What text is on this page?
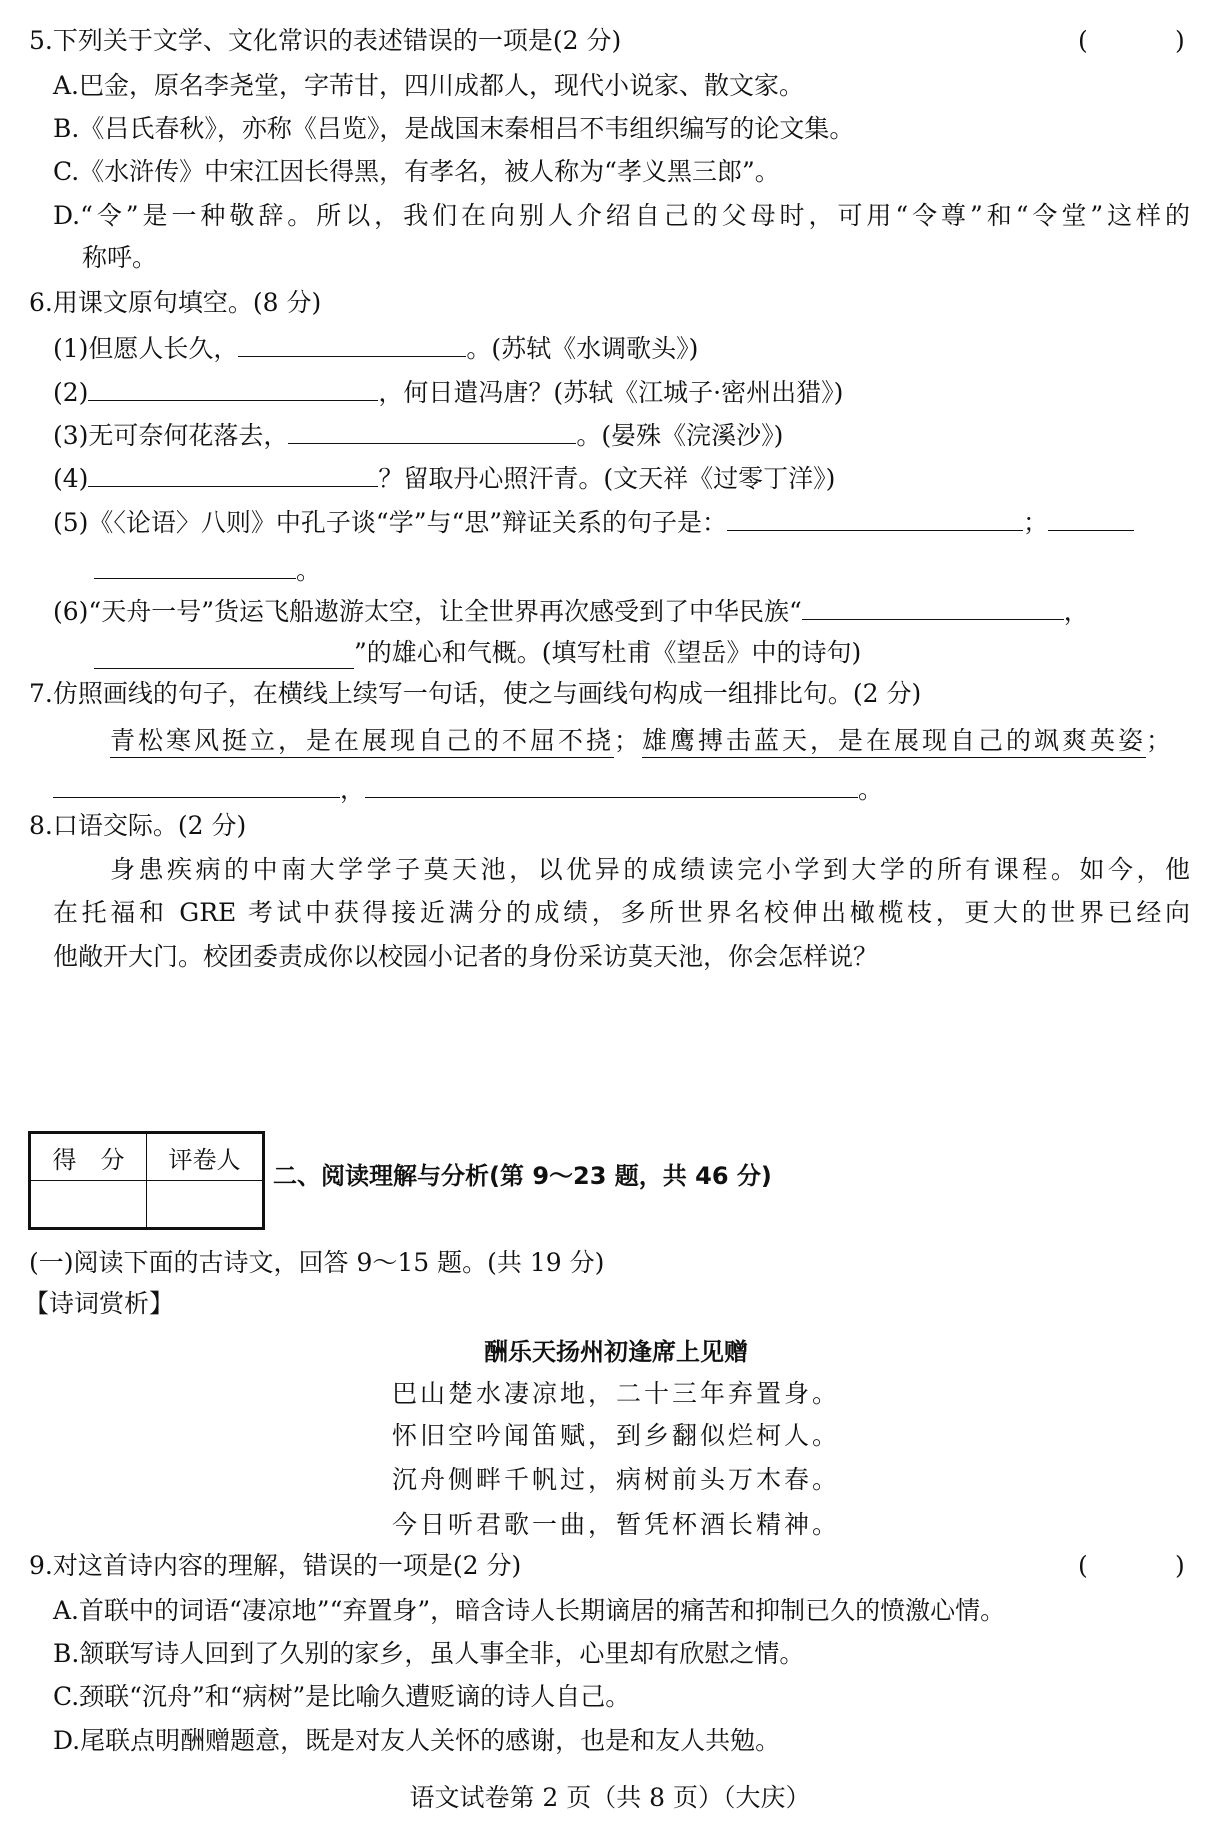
5.下列关于文学、文化常识的表述错误的一项是(2 分)	(	)
A.巴金，原名李尧堂，字芾甘，四川成都人，现代小说家、散文家。
B.《吕氏春秋》，亦称《吕览》，是战国末秦相吕不韦组织编写的论文集。
C.《水浒传》中宋江因长得黑，有孝名，被人称为“孝义黑三郎”。
D.“令”是一种敬辞。所以，我们在向别人介绍自己的父母时，可用“令尊”和“令堂”这样的
称呼。
6.用课文原句填空。(8 分)
(1)但愿人长久，	。(苏轼《水调歌头》)
(2)	，何日遣冯唐？(苏轼《江城子·密州出猎》)
(3)无可奈何花落去，	。(晏殊《浣溪沙》)
(4)	？留取丹心照汗青。(文天祥《过零丁洋》)
(5)《〈论语〉八则》中孔子谈“学”与“思”辩证关系的句子是：	；
。
(6)“天舟一号”货运飞船遨游太空，让全世界再次感受到了中华民族“	，
”的雄心和气概。(填写杜甫《望岳》中的诗句)
7.仿照画线的句子，在横线上续写一句话，使之与画线句构成一组排比句。(2 分)
青松寒风挺立，是在展现自己的不屈不挠；雄鹰搏击蓝天，是在展现自己的飒爽英姿；
，	。
8.口语交际。(2 分)
身患疾病的中南大学学子莫天池，以优异的成绩读完小学到大学的所有课程。如今，他
在托福和 GRE 考试中获得接近满分的成绩，多所世界名校伸出橄榄枝，更大的世界已经向
他敞开大门。校团委责成你以校园小记者的身份采访莫天池，你会怎样说？
得　分	评卷人

二、阅读理解与分析(第 9～23 题，共 46 分)
(一)阅读下面的古诗文，回答 9～15 题。(共 19 分)
【诗词赏析】
酬乐天扬州初逢席上见赠
巴山楚水凄凉地，二十三年弃置身。
怀旧空吟闻笛赋，到乡翻似烂柯人。
沉舟侧畔千帆过，病树前头万木春。
今日听君歌一曲，暂凭杯酒长精神。
9.对这首诗内容的理解，错误的一项是(2 分)	(	)
A.首联中的词语“凄凉地”“弃置身”，暗含诗人长期谪居的痛苦和抑制已久的愤激心情。
B.颔联写诗人回到了久别的家乡，虽人事全非，心里却有欣慰之情。
C.颈联“沉舟”和“病树”是比喻久遭贬谪的诗人自己。
D.尾联点明酬赠题意，既是对友人关怀的感谢，也是和友人共勉。
语文试卷第 2 页（共 8 页）（大庆）
